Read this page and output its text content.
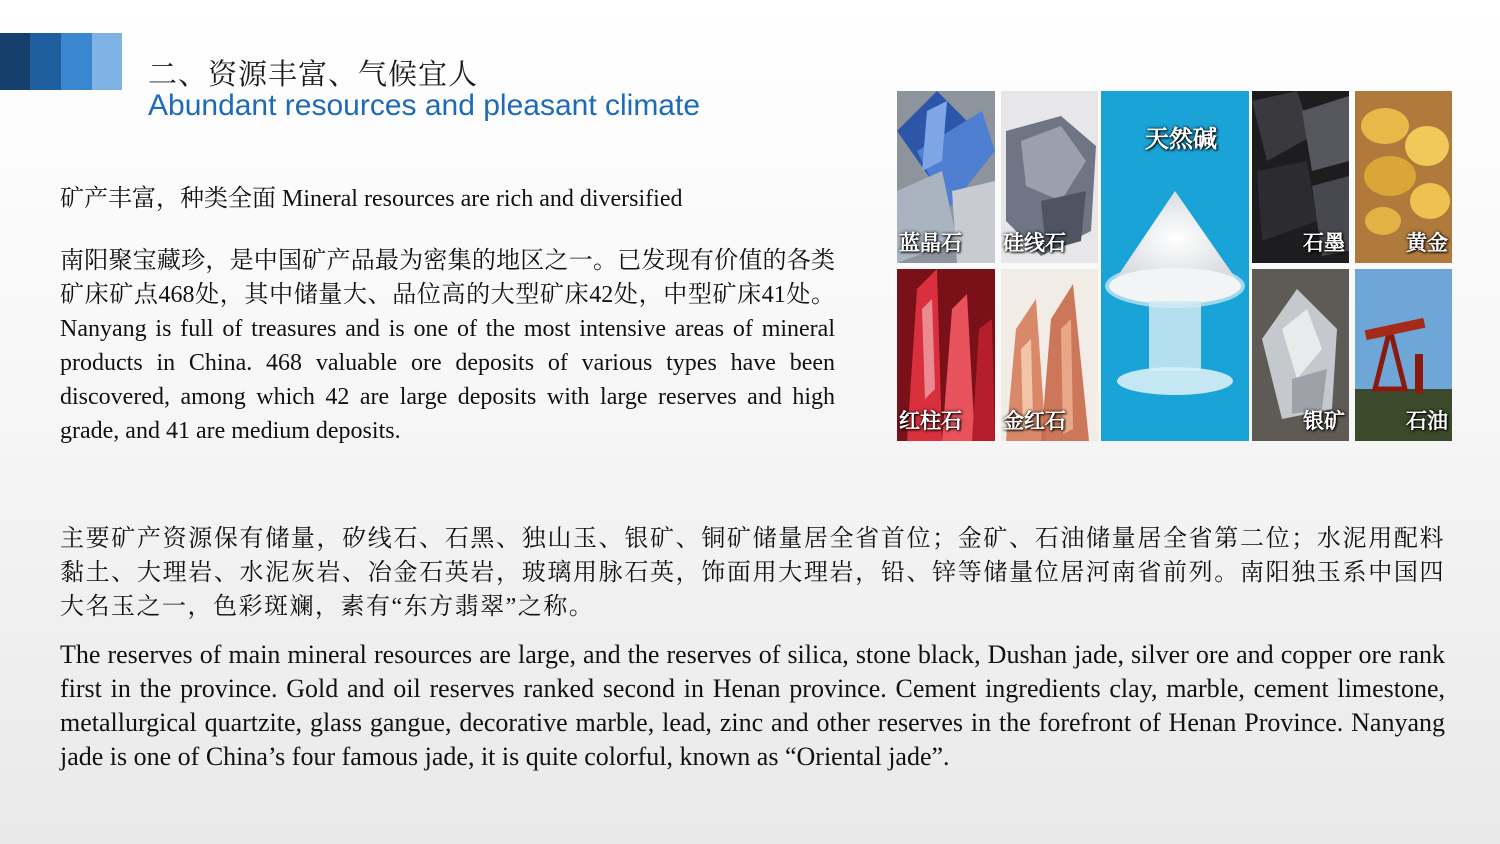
二、资源丰富、气候宜人
Abundant resources and pleasant climate
矿产丰富，种类全面 Mineral resources are rich and diversified
南阳聚宝藏珍，是中国矿产品最为密集的地区之一。已发现有价值的各类矿床矿点468处，其中储量大、品位高的大型矿床42处，中型矿床41处。Nanyang is full of treasures and is one of the most intensive areas of mineral products in China. 468 valuable ore deposits of various types have been discovered, among which 42 are large deposits with large reserves and high grade, and 41 are medium deposits.
蓝晶石 硅线石
天然碱
石墨	黄金
红柱石 金红石	银矿	石油
主要矿产资源保有储量，矽线石、石黑、独山玉、银矿、铜矿储量居全省首位；金矿、石油储量居全省第二位；水泥用配料黏土、大理岩、水泥灰岩、冶金石英岩，玻璃用脉石英，饰面用大理岩，铅、锌等储量位居河南省前列。南阳独玉系中国四大名玉之一，色彩斑斓，素有“东方翡翠”之称。
The reserves of main mineral resources are large, and the reserves of silica, stone black, Dushan jade, silver ore and copper ore rank first in the province. Gold and oil reserves ranked second in Henan province. Cement ingredients clay, marble, cement limestone, metallurgical quartzite, glass gangue, decorative marble, lead, zinc and other reserves in the forefront of Henan Province. Nanyang jade is one of China’s four famous jade, it is quite colorful, known as “Oriental jade”.
